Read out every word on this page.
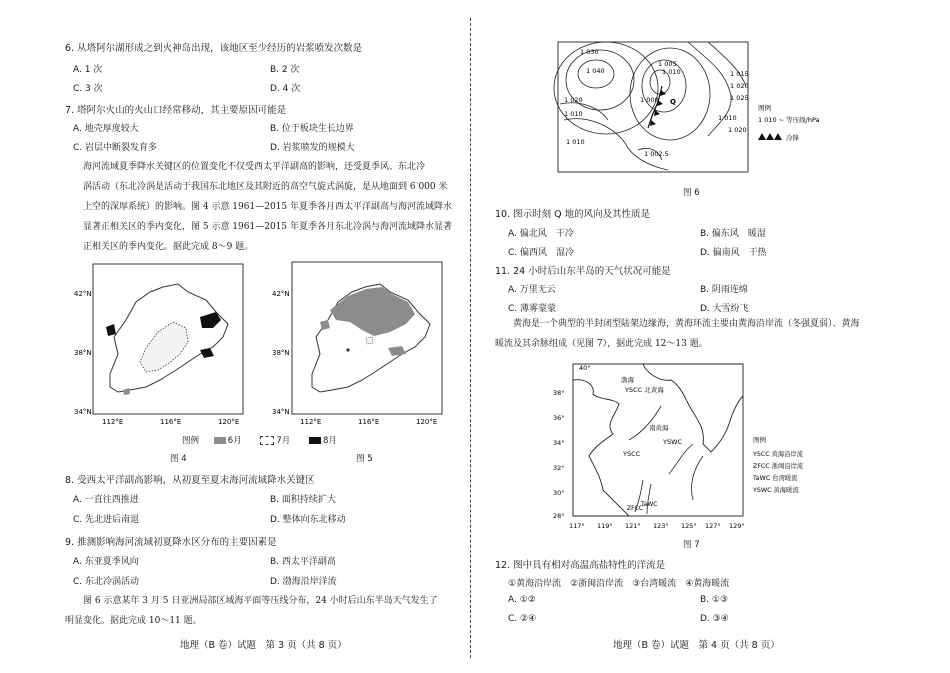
6. 从塔阿尔湖形成之到火神岛出现，该地区至少经历的岩浆喷发次数是
A. 1 次	B. 2 次
C. 3 次	D. 4 次
7. 塔阿尔火山的火山口经常移动，其主要原因可能是
A. 地壳厚度较大	B. 位于板块生长边界
C. 岩层中断裂发育多	D. 岩浆喷发的规模大
海河流域夏季降水关键区的位置变化不仅受西太平洋副高的影响，还受夏季风、东北冷
涡活动（东北冷涡是活动于我国东北地区及其附近的高空气旋式涡旋，是从地面到 6 000 米
上空的深厚系统）的影响。图 4 示意 1961—2015 年夏季各月西太平洋副高与海河流域降水
显著正相关区的季内变化，图 5 示意 1961—2015 年夏季各月东北冷涡与海河流域降水显著
正相关区的季内变化。据此完成 8～9 题。
42°N
38°N
34°N
112°E	116°E	120°E
42°N
38°N
34°N
112°E	116°E	120°E
图例	6月	7月	8月
图 4	图 5
8. 受西太平洋副高影响，从初夏至夏末海河流域降水关键区
A. 一直往西推进	B. 面积持续扩大
C. 先北进后南退	D. 整体向东北移动
9. 推测影响海河流域初夏降水区分布的主要因素是
A. 东亚夏季风向	B. 西太平洋副高
C. 东北冷涡活动	D. 渤海沿岸洋流
图 6 示意某年 3 月 5 日亚洲局部区域海平面等压线分布，24 小时后山东半岛天气发生了
明显变化。据此完成 10～11 题。
地理（B 卷）试题　第 3 页（共 8 页）
1 030
1 040
1 020
1 010
1 005
1 010	1 015
1 020
1 025
1 000
1 010
1 020
1 010
1 002.5
Q
图例
1 010 ~ 等压线/hPa
冷锋
图 6
10. 图示时刻 Q 地的风向及其性质是
A. 偏北风　干冷	B. 偏东风　暖湿
C. 偏西风　湿冷	D. 偏南风　干热
11. 24 小时后山东半岛的天气状况可能是
A. 万里无云	B. 阴雨连绵
C. 薄雾蒙蒙	D. 大雪纷飞
黄海是一个典型的半封闭型陆架边缘海，黄海环流主要由黄海沿岸流（冬强夏弱）、黄海
暖流及其余脉组成（见图 7），据此完成 12～13 题。
40°
38°
36°
34°
32°
30°
28°
117° 119° 121° 123° 125° 127° 129°
渤海
YSCC 北黄海
南黄海
YSWC
YSCC
ZFCC
TaWC
图例
YSCC 黄海沿岸流
ZFCC 浙闽沿岸流
TaWC 台湾暖流
YSWC 黄海暖流
图 7
12. 图中具有相对高温高盐特性的洋流是
①黄海沿岸流　②浙闽沿岸流　③台湾暖流　④黄海暖流
A. ①②	B. ①③
C. ②④	D. ③④
地理（B 卷）试题　第 4 页（共 8 页）
